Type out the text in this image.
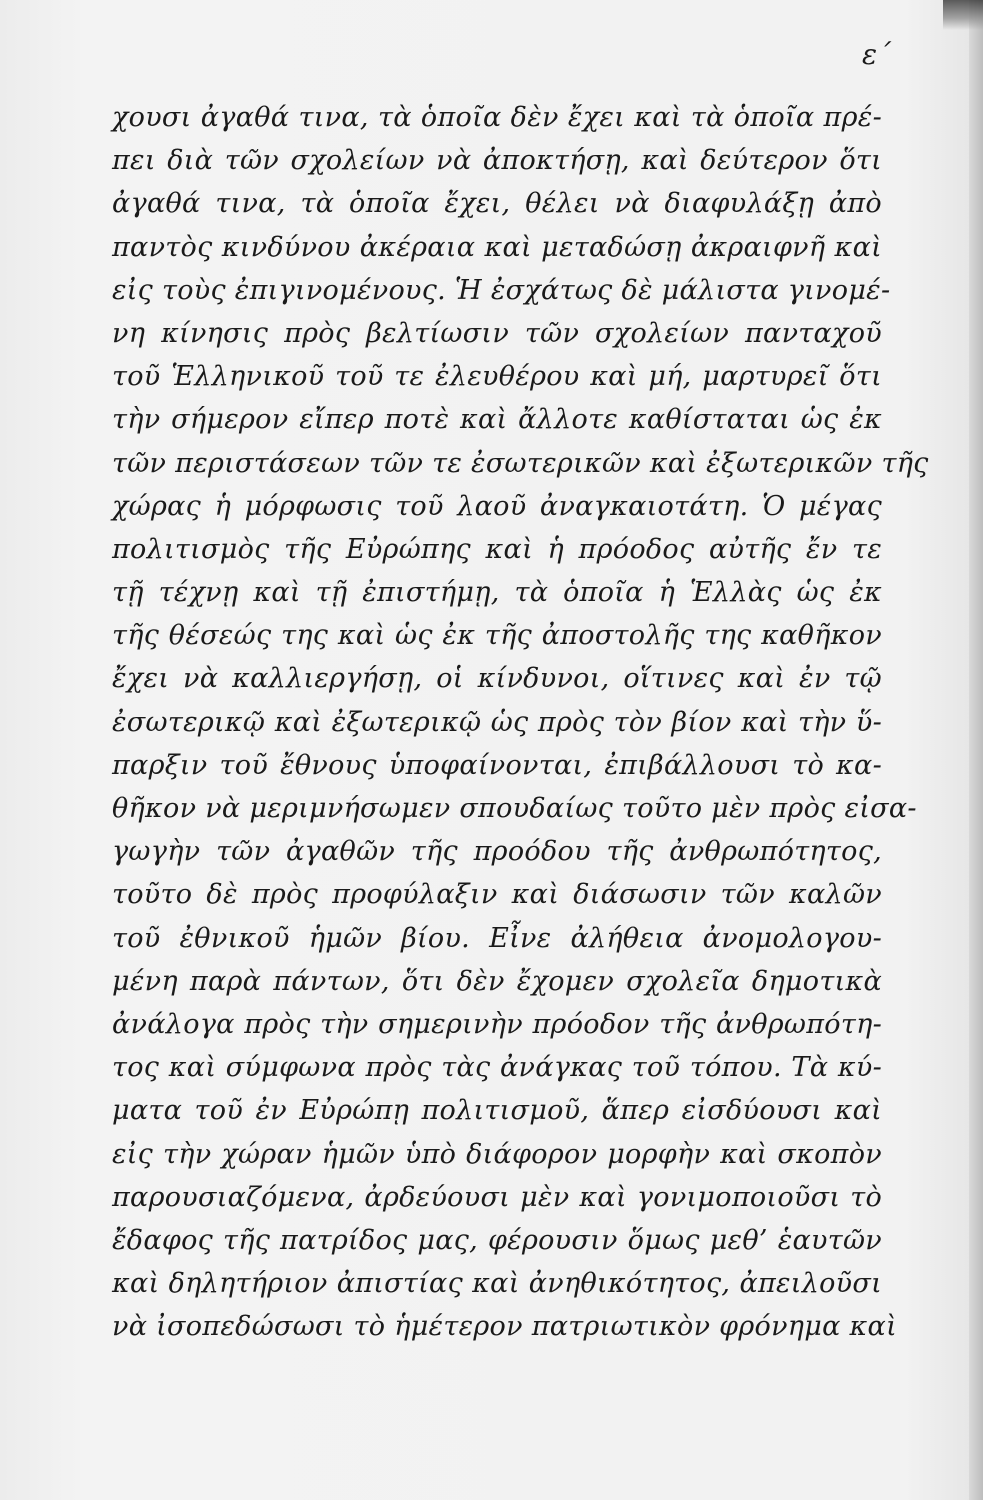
ε΄
χουσι ἀγαθά τινα, τὰ ὁποῖα δὲν ἔχει καὶ τὰ ὁποῖα πρέ-
πει διὰ τῶν σχολείων νὰ ἀποκτήσῃ, καὶ δεύτερον ὅτι
ἀγαθά τινα, τὰ ὁποῖα ἔχει, θέλει νὰ διαφυλάξῃ ἀπὸ
παντὸς κινδύνου ἀκέραια καὶ μεταδώσῃ ἀκραιφνῆ καὶ
εἰς τοὺς ἐπιγινομένους. Ἡ ἐσχάτως δὲ μάλιστα γινομέ-
νη κίνησις πρὸς βελτίωσιν τῶν σχολείων πανταχοῦ
τοῦ Ἑλληνικοῦ τοῦ τε ἐλευθέρου καὶ μή, μαρτυρεῖ ὅτι
τὴν σήμερον εἴπερ ποτὲ καὶ ἄλλοτε καθίσταται ὡς ἐκ
τῶν περιστάσεων τῶν τε ἐσωτερικῶν καὶ ἐξωτερικῶν τῆς
χώρας ἡ μόρφωσις τοῦ λαοῦ ἀναγκαιοτάτη. Ὁ μέγας
πολιτισμὸς τῆς Εὐρώπης καὶ ἡ πρόοδος αὐτῆς ἔν τε
τῇ τέχνῃ καὶ τῇ ἐπιστήμῃ, τὰ ὁποῖα ἡ Ἑλλὰς ὡς ἐκ
τῆς θέσεώς της καὶ ὡς ἐκ τῆς ἀποστολῆς της καθῆκον
ἔχει νὰ καλλιεργήσῃ, οἱ κίνδυνοι, οἵτινες καὶ ἐν τῷ
ἐσωτερικῷ καὶ ἐξωτερικῷ ὡς πρὸς τὸν βίον καὶ τὴν ὕ-
παρξιν τοῦ ἔθνους ὑποφαίνονται, ἐπιβάλλουσι τὸ κα-
θῆκον νὰ μεριμνήσωμεν σπουδαίως τοῦτο μὲν πρὸς εἰσα-
γωγὴν τῶν ἀγαθῶν τῆς προόδου τῆς ἀνθρωπότητος,
τοῦτο δὲ πρὸς προφύλαξιν καὶ διάσωσιν τῶν καλῶν
τοῦ ἐθνικοῦ ἡμῶν βίου. Εἶνε ἀλήθεια ἀνομολογου-
μένη παρὰ πάντων, ὅτι δὲν ἔχομεν σχολεῖα δημοτικὰ
ἀνάλογα πρὸς τὴν σημερινὴν πρόοδον τῆς ἀνθρωπότη-
τος καὶ σύμφωνα πρὸς τὰς ἀνάγκας τοῦ τόπου. Τὰ κύ-
ματα τοῦ ἐν Εὐρώπῃ πολιτισμοῦ, ἅπερ εἰσδύουσι καὶ
εἰς τὴν χώραν ἡμῶν ὑπὸ διάφορον μορφὴν καὶ σκοπὸν
παρουσιαζόμενα, ἀρδεύουσι μὲν καὶ γονιμοποιοῦσι τὸ
ἔδαφος τῆς πατρίδος μας, φέρουσιν ὅμως μεθ’ ἑαυτῶν
καὶ δηλητήριον ἀπιστίας καὶ ἀνηθικότητος, ἀπειλοῦσι
νὰ ἰσοπεδώσωσι τὸ ἡμέτερον πατριωτικὸν φρόνημα καὶ
